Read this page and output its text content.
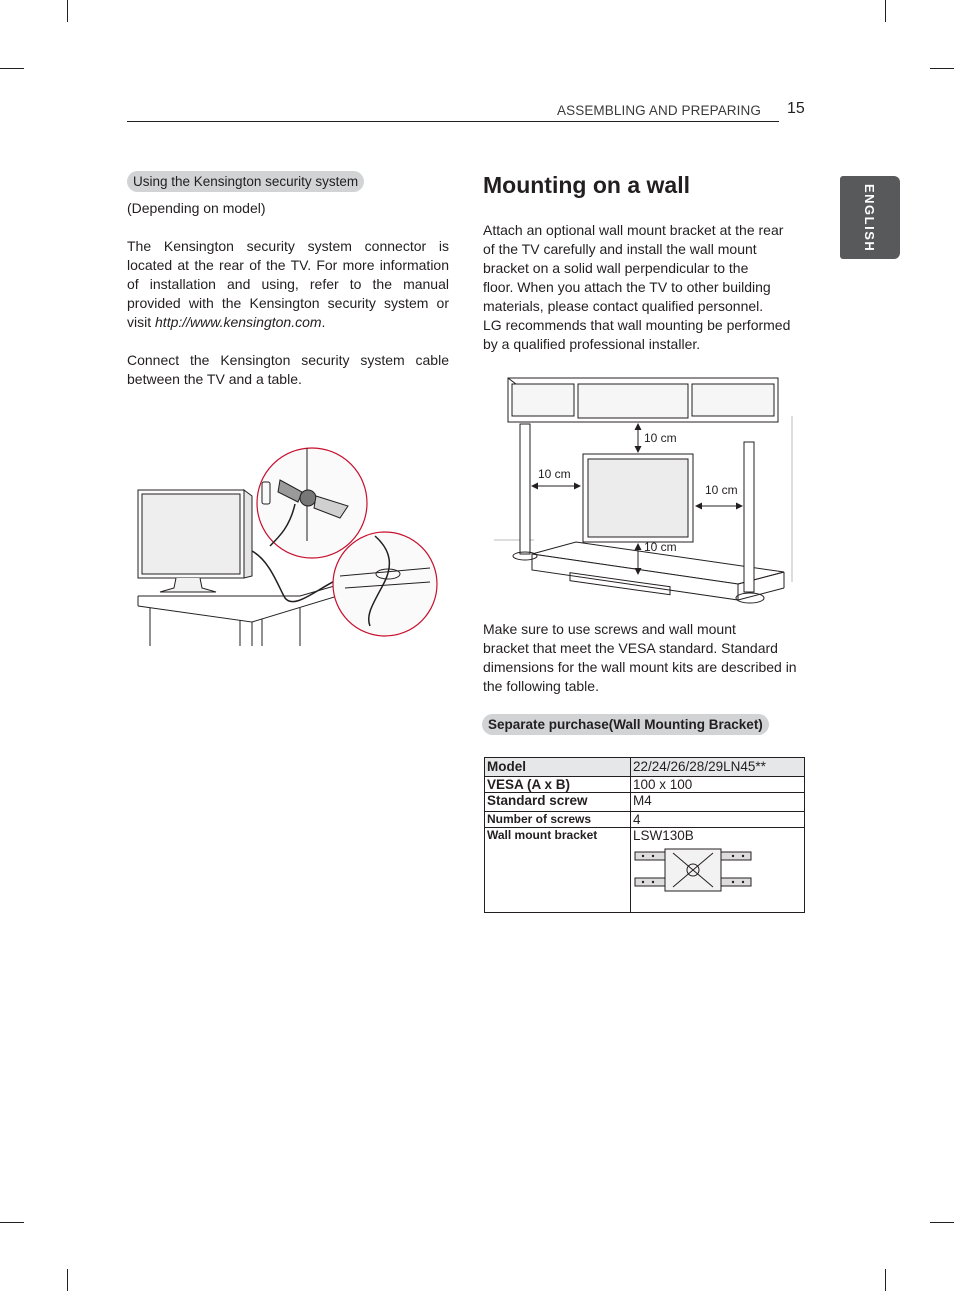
ASSEMBLING AND PREPARING 15
ENGLISH
Using the Kensington security system
(Depending on model)

The Kensington security system connector is located at the rear of the TV. For more information of installation and using, refer to the manual provided with the Kensington security system or visit http://www.kensington.com.

Connect the Kensington security system cable between the TV and a table.

Mounting on a wall
Attach an optional wall mount bracket at the rear
of the TV carefully and install the wall mount
bracket on a solid wall perpendicular to the
floor. When you attach the TV to other building
materials, please contact qualified personnel.
LG recommends that wall mounting be performed
by a qualified professional installer.
10 cm
10 cm
10 cm
10 cm
Make sure to use screws and wall mount
bracket that meet the VESA standard. Standard
dimensions for the wall mount kits are described in
the following table.
Separate purchase(Wall Mounting Bracket)
Model	22/24/26/28/29LN45**
VESA (A x B)	100 x 100
Standard screw	M4
Number of screws	4
Wall mount bracket	LSW130B
